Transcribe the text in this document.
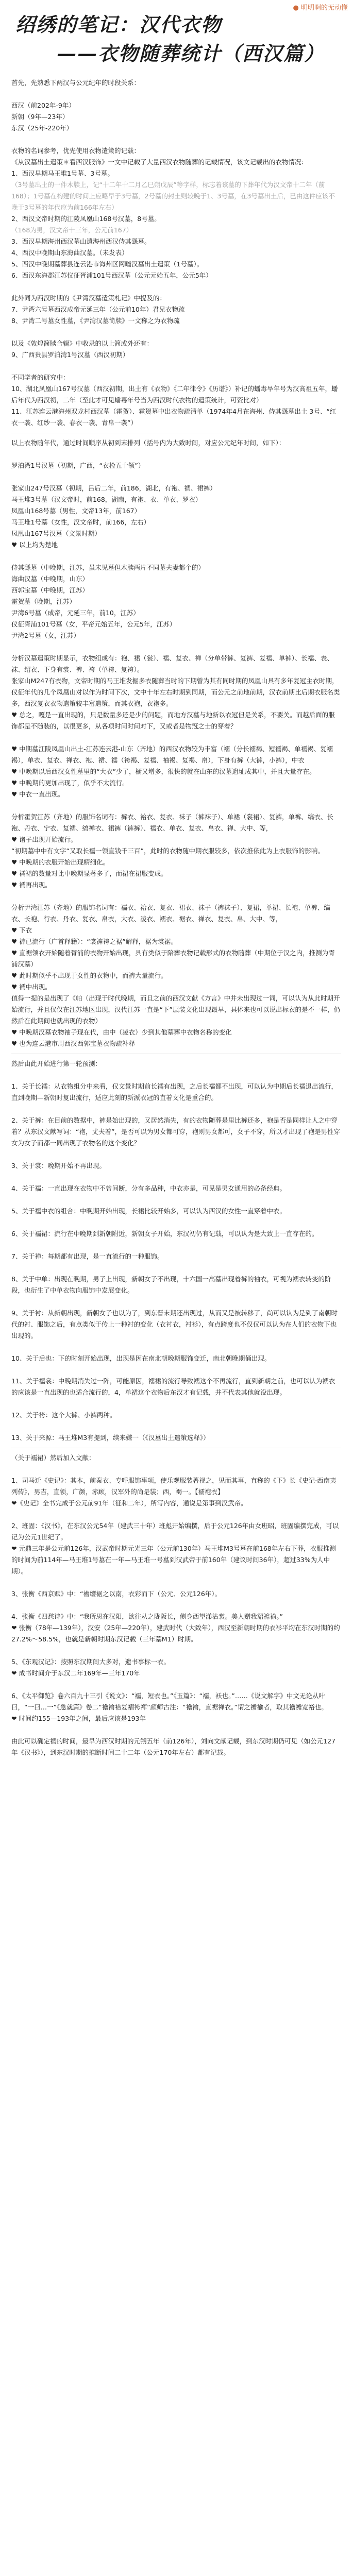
● 明明啊的无动懂
绍绣的笔记：汉代衣物
——衣物随葬统计（西汉篇）

首先，先熟悉下两汉与公元纪年的时段关系：

西汉（前202年-9年）

新朝（9年—23年）

东汉（25年-220年）

衣物的名词参考，优先使用衣物遣策的记载：

《从汉墓出土遣策＊看西汉服饰》一文中记载了大量西汉衣物随葬的记载情况，该文记载出的衣物情况：

1、西汉早期马王堆1号墓、3号墓。

（3号墓出土的一件木牍上，记“十二年十二月乙巳朔戊辰”等字样，标志着该墓的下葬年代为汉文帝十二年（前168）；1号墓在构建的时间上应略早于3号墓，2号墓的封土则较晚于1、3号墓，在3号墓出土后，已由这件应该不晚于3号墓的年代应为前166年左右）

2、西汉文帝时期的江陵凤凰山168号汉墓，8号墓。

（168为男，汉文帝十三年，公元前167）

3、西汉早期海州西汉墓山遣海州西汉侍其繇墓。

4、西汉中晚期山东海曲汉墓。（未发表）

5、西汉中晚期墓葬县连云港市海州区网疃汉墓出土遣策（1号墓）。

6、西汉东海郡江苏仪征胥浦101号西汉墓（公元元始五年，公元5年）

此外同为西汉时期的《尹湾汉墓遣策札记》中提及的：

7、尹湾六号墓西汉成帝元延三年（公元前10年）君兄衣物疏

8、尹湾二号墓女性墓，《尹湾汉墓简牍》一文称之为衣物疏

以及《敦煌简牍合辑》中收录的以上简或外还有：

9、广西贵县罗泊湾1号汉墓（西汉初期）

不同学者的研究中：

10、湖北凤凰山167号汉墓（西汉初期，出土有《衣物》《二年律令》《历谱》）补记的蟠毒旱年号为汉高祖五年，蟠后年代为西汉初，二年（至此才可见蟠毒年号当为西汉时代衣物的遣策统计，可资比对）

11、江苏连云港海州双龙村西汉墓（霍贺）、霍贺墓中出衣物疏清单（1974年4月在海州、侍其繇墓出土 3号、“红衣一袭、红纱一袭、春衣一袭、青帛一袭”）

以上衣物随年代，通过时间顺序从初到末排列（括号内为大致时间，对应公元纪年时间，如下）：

罗泊湾1号汉墓（初期，广西，“衣检五十领”）

张家山247号汉墓（初期，吕后二年，前186，湖北，有袍、襦、裙裤）

马王堆3号墓（汉文帝时，前168，湖南，有袍、衣、单衣、罗衣）

凤凰山168号墓（男性，文帝13年，前167）

马王堆1号墓（女性，汉文帝时，前166，左右）

凤凰山167号汉墓（文景时期）

♥ 以上均为楚地

侍其繇墓（中晚期，江苏，虽未见墓但木牍两片不同墓夫妻都个的）

海曲汉墓（中晚期，山东）

西郭宝墓（中晚期，江苏）

霍贺墓（晚期，江苏）

尹湾6号墓（成帝，元延三年，前10，江苏）

仪征胥浦101号墓（女，平帝元始五年，公元5年，江苏）

尹湾2号墓（女，江苏）

分析汉墓遣策时期显示，衣物组成有：袍、裙（裳）、襦、复衣、禅（分单带裤、复裤、复襦、单裤）、长襦、表、袜、绍衣、下身有裳、裤、袴（单袴、复袴）。

张家山M247有衣物，文帝时期的马王堆发掘多衣随葬当时的下期曾为其有同时期的凤凰山具有多年复冠主衣时期，仪征年代的几个凤凰山对以作为时间下次，文中十年左右时期到同期，而公元之前地前期，汉衣前期比后期衣服名类多，西汉复衣衣物遣策较丰富遣策，而其衣袍，衣袍多。

♥ 总之，嘎是一直出现的，只是数量多还是少的问题，而地方汉墓与地新以衣冠但是关系，不要关。而越后面的服饰都是不随装的，以很更多，从各项时间时间对下，又或者是物冠之士的穿着？

♥ 中期墓江陵凤凰山出土-江苏连云港-山东（齐地）的西汉衣物较为丰富（襦（分长襦褐、短襦褐、单襦褐、复襦褐），单衣、复衣、禅衣、袍、裙、襦（袴褐、复襦、袖褐、复褐、帛），下身有裤（大裤，小裤），中衣

♥ 中晚期以后西汉女性墓里的“大衣”少了，橱又增多，很快的就在山东的汉墓遗址成其中，并且大量存在。

♥ 中晚期的更加出现了，似乎不太流行。

♥ 中衣一直出现。

分析霍贺江苏（齐地）的服饰名词有：裤衣、袷衣、复衣、袜子（裤袜子）、单裙（裳裙）、复裤，单裤、缟衣、长袍、丹衣、宁衣、复襦、缟禅衣、裙裤（裤裤）、襦衣、单衣、复衣、帛衣、禅、大中、等，

♥ 诸子出现开始流行。

“初期墓中中有文字“又取长襦一领直钱千三百”，此时的衣物随中期衣服较多，依次推依此为上衣服饰的影响。

♥ 中晚期的衣服开始出现精细化。

♥ 襦裙的数量对比中晚期显著多了，而裙在裙服变成。

♥ 襦再出现。

分析尹湾江苏（齐地）的服饰名词有：襦衣、袷衣、复衣、裙衣、袜子（裤袜子）、复裙，单裙、长袍、单裤、缟衣、长袍、行衣、丹衣、复衣、帛衣，大衣、凌衣、襦衣、裾衣、禅衣、复衣、帛、大中、等，

♥ 下衣

♥ 裤已流行（广首释籍）：“裳褲袴之裾”解释，裾为裳裾。

♥ 直裾领衣开始随着胥浦的衣物开始出现，具有类似于陪葬衣物记载形式的衣物随葬（中期位于汉之内，推测为胥浦汉墓）

♥ 此时期似乎不出现于女性的衣物中，而裤大量流行。

♥ 襦中出现。

值得一提的是出现了《帕（出现于时代晚期，而且之前的西汉文献《方言》中并未出现过一词，可以认为从此时期开始流行，并且仅仅在江苏地区出现，汉代江苏一直是“下”层装文化出现最早，具体来也可以说出标衣的是不一样，仍然后在此期间也就出现的衣物）

♥ 中晚期汉墓衣物袖子现在代，由中（凌衣）少到其他墓葬中衣物名称的变化

♥ 也为连云港市周西汉西郭宝墓衣物疏补释

然后由此开始进行第一轮预测：

1、关于长襦：从衣物组分中来看，仅文景时期前长襦有出现，之后长襦都不出现，可以认为中期后长襦退出流行，直到晚期—新朝时复出流行，适应此刻的新派衣冠的直着文化是重合的。

2、关于裤：在目前的数据中，裤是始出现的，又居然消失，有的衣物随葬是里比裤还多，袍是否是同样让人之中穿着？从东汉文献写词：“袍，丈夫着”，是否可以为男女都可穿，袍则男女都可，女子不穿，所以才出现了袍是男性穿女为女子而都一同出现了衣物名的这个变化？

3、关于裳：晚期开始不再出现。

4、关于襦：一直出现在衣物中不曾间断，分有多品种，中衣亦是，可见是男女通用的必备经典。

5、关于襦中衣的组合：中晚期开始出现，长裙比较开始多，可以认为西汉的女性一直穿着中衣。

6、关于襦裙：流行在中晚期到新朝附近，新朝女子开始，东汉初仍有记载，可以认为是大致上一直存在的。

7、关于禅：每期都有出现，是一直流行的一种服饰。

8、关于中单：出现在晚期，男子上出现，新朝女子不出现，十六国一高墓出现着裤的袖衣，可视为襦衣转变的阶段，也衍生了中单衣物向服饰中发展变化。

9、关于衬：从新朝出现，新朝女子也以为了，到东晋末期还出现过，从而又是被转移了，尚可以认为是到了南朝时代的衬、服饰之后，有点类似于传上一种衬的变化（衣衬衣，衬衫），有点跨度也不仅仅可以认为在人们的衣物下也出现的。

10、关于后也：下的时刻开始出现，出现是因在南北朝晚期服饰变迁，南北朝晚期俑出现。

11、关于襦裳：中晚期消失过一阵，可能原因，襦裙的流行导致襦这个不再流行，直到新朝之前，也可以认为襦衣的应该是一直出现的也适合流行的，4，单裙这个衣物后东汉才有记载，并不代表其他就没出现。

12、关于袴：这个大裤、小裤两种。

13、关于来源：马王堆M3有提到，续来嫌一（《汉墓出土遣策选释》）

（关于襦裙）然后加入文献：

1、司马迁《史记》：其本，前秦衣、专呼服饰事项，使乐观服装著视之，见而其事，直称的《下》长《史记·西南夷列传》，男吉，直领，广颜，赤顾，汉军外的尚是装；西，褐一。【襦袍衣】

❤《史记》全书完成于公元前91年（征和二年），所写内容，通说是第事到汉武帝。

2、班固：《汉书》，在东汉公元54年（建武三十年）班彪开始编撰，后于公元126年由女班昭，班固编撰完成，可以记为公元1世纪了。

❤ 元鼎三年是公元前126年，汉武帝时期元光三年（公元前130年）马王堆M3号墓在前168年左右下葬，衣服推测的时间为前114年—马王堆1号墓在一年—马王堆一号墓到汉武帝于前160年（建议时间36年），超过33%为人中期）。

3、张衡《西京赋》中：“襜缨裾之以南，衣彩而下（公元、公元126年）。

4、张衡《四愁诗》中：“我所思在汉阳，欲往从之陇阪长，侧身西望涕沾裳。美人赠我貂襜褕。”

❤ 张衡（78年—139年），汉安（25年—220年），建武时代（大致年），西汉至新朝时期的衣衫平均在东汉时期的约27.2%～58.5%，也就是新朝时期东汉记载（三年墓M1）时期。

5、《东观汉记》：按照东汉期间大多对，遗书事标一衣。

❤ 成书时间介于东汉二年169年—三年170年

6、《太平御览》卷六百九十三引《说文》：“襦，短衣也。”《玉篇》：“襦，袄也。”……《说文解字》中文无论从叶曰，“一曰…一”《急就篇》卷二“襜褕袷复褶袴裈”颜师古注：“襜褕，直裾禅衣。”谓之襜褕者，取其襜襜宽裕也。

❤ 时间约155—193年之间，最后应该是193年

由此可以确定襦的时间，最早为西汉时期的元朔五年（前126年），刘向文献记载，到东汉时期仍可见（如公元127年《汉书》），到东汉时期的推断时间二十二年（公元170年左右）都有记载。
